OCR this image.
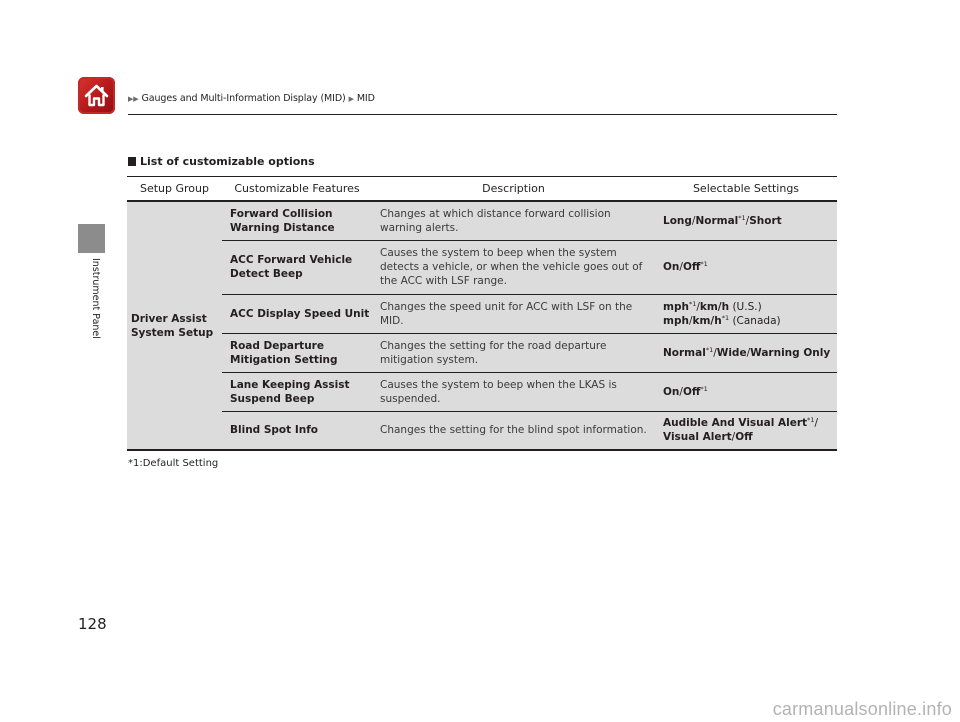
▶▶ Gauges and Multi-Information Display (MID) ▶ MID
Instrument Panel
List of customizable options
Setup Group	Customizable Features	Description	Selectable Settings
Driver Assist System Setup	Forward Collision Warning Distance	Changes at which distance forward collision warning alerts.	Long/Normal$^{*1}$/Short
	ACC Forward Vehicle Detect Beep	Causes the system to beep when the system detects a vehicle, or when the vehicle goes out of the ACC with LSF range.	On/Off$^{*1}$
	ACC Display Speed Unit	Changes the speed unit for ACC with LSF on the MID.	mph$^{*1}$/km/h (U.S.)
mph/$km/h^{*1}$ (Canada)
	Road Departure Mitigation Setting	Changes the setting for the road departure mitigation system.	Normal$^{*1}$/Wide/Warning Only
	Lane Keeping Assist Suspend Beep	Causes the system to beep when the LKAS is suspended.	On/Off$^{*1}$
	Blind Spot Info	Changes the setting for the blind spot information.	Audible And Visual Alert$^{*1}$/
Visual Alert/Off
*1:Default Setting
128
carmanualsonline.info
